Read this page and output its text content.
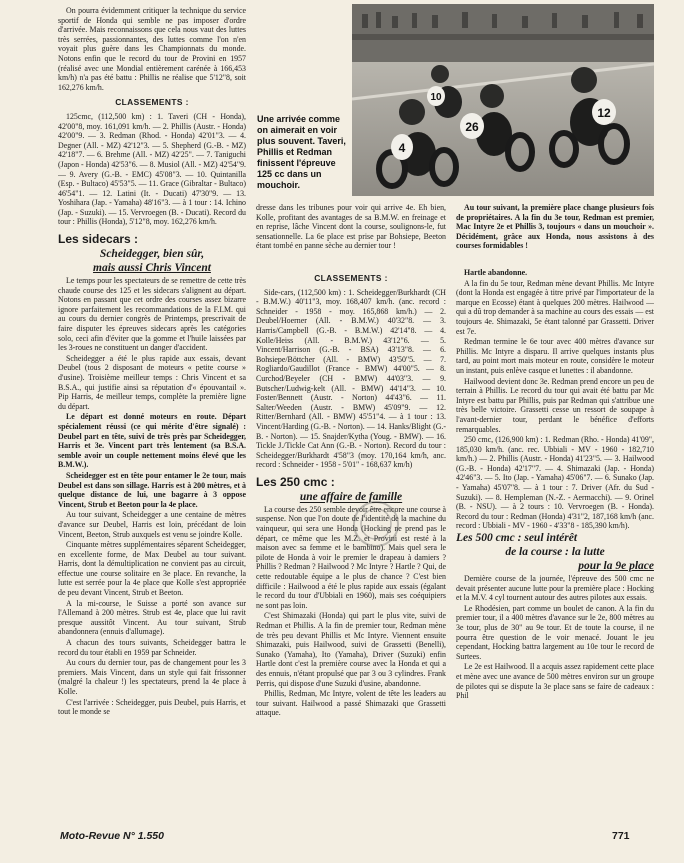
On pourra évidemment critiquer la technique du service sportif de Honda qui semble ne pas imposer d'ordre d'arrivée. Mais reconnaissons que cela nous vaut des luttes très serrées, passionnantes, des luttes comme l'on n'en voyait plus guère dans les Championnats du monde. Notons enfin que le record du tour de Provini en 1957 (réalisé avec une Mondial entièrement carénée à 166,453 km/h) n'a pas été battu : Phillis ne réalise que 5'12"8, soit 162,276 km/h.

CLASSEMENTS :

125cmc, (112,500 km) : 1. Taveri (CH - Honda), 42'00"8, moy. 161,091 km/h. — 2. Phillis (Austr. - Honda) 42'00"9. — 3. Redman (Rhod. - Honda) 42'01"3. — 4. Degner (All. - MZ) 42'12"3. — 5. Shepherd (G.-B. - MZ) 42'18"7. — 6. Brehme (All. - MZ) 42'25". — 7. Taniguchi (Japon - Honda) 42'53"6. — 8. Musiol (All. - MZ) 42'54"9. — 9. Avery (G.-B. - EMC) 45'08"3. — 10. Quintanilla (Esp. - Bultaco) 45'53"5. — 11. Grace (Gibraltar - Bultaco) 46'54"1. — 12. Latini (It. - Ducati) 47'30"9. — 13. Yoshihara (Jap. - Yamaha) 48'16"3. — à 1 tour : 14. Ichino (Jap. - Suzuki). — 15. Vervroegen (B. - Ducati). Record du tour : Phillis (Honda), 5'12"8, moy. 162,276 km/h.

Les sidecars :
Scheidegger, bien sûr,
mais aussi Chris Vincent

Le temps pour les spectateurs de se remettre de cette très chaude course des 125 et les sidecars s'alignent au départ. Notons en passant que cet ordre des courses assez bizarre ignore parfaitement les recommandations de la F.I.M. qui au cours du dernier congrès de Printemps, prescrivait de faire disputer les épreuves sidecars après les catégories solo, ceci afin d'éviter que la gomme et l'huile laissées par les 3-roues ne constituent un danger d'accident.

Scheidegger a été le plus rapide aux essais, devant Deubel (tous 2 disposant de moteurs « petite course » d'usine). Troisième meilleur temps : Chris Vincent et sa B.S.A., qui justifie ainsi sa réputation d'« épouvantail ». Pip Harris, 4e meilleur temps, complète la première ligne du départ.

Le départ est donné moteurs en route. Départ spécialement réussi (ce qui mérite d'être signalé) : Deubel part en tête, suivi de très près par Scheidegger, Harris et 3e. Vincent part très lentement (sa B.S.A. semble avoir un couple nettement moins élevé que les B.M.W.).

Scheidegger est en tête pour entamer le 2e tour, mais Deubel est dans son sillage. Harris est à 200 mètres, et à quelque distance de lui, une bagarre à 3 oppose Vincent, Strub et Beeton pour la 4e place.

Au tour suivant, Scheidegger a une centaine de mètres d'avance sur Deubel, Harris est loin, précédant de loin Vincent, Beeton, Strub auxquels est venu se joindre Kolle.

Cinquante mètres supplémentaires séparent Scheidegger, en excellente forme, de Max Deubel au tour suivant. Harris, dont la démultiplication ne convient pas au circuit, effectue une course solitaire en 3e place. En revanche, la lutte est serrée pour la 4e place que Kolle s'est appropriée de peu devant Vincent, Strub et Beeton.

A la mi-course, le Suisse a porté son avance sur l'Allemand à 200 mètres. Strub est 4e, place que lui ravit presque aussitôt Vincent. Au tour suivant, Strub abandonnera (ennuis d'allumage).

A chacun des tours suivants, Scheidegger battra le record du tour établi en 1959 par Schneider.

Au cours du dernier tour, pas de changement pour les 3 premiers. Mais Vincent, dans un style qui fait frissonner (malgré la chaleur !) les spectateurs, prend la 4e place à Kolle.

C'est l'arrivée : Scheidegger, puis Deubel, puis Harris, et tout le monde se

4
10
26
12
Une arrivée comme on aimerait en voir plus souvent. Taveri, Phillis et Redman finissent l'épreuve 125 cc dans un mouchoir.

dresse dans les tribunes pour voir qui arrive 4e. Eh bien, Kolle, profitant des avantages de sa B.M.W. en freinage et en reprise, lâche Vincent dont la course, soulignons-le, fut sensationnelle. La 6e place est prise par Bohsiepe, Beeton étant tombé en panne sèche au dernier tour !

Au tour suivant, la première place change plusieurs fois de propriétaires. A la fin du 3e tour, Redman est premier, Mac Intyre 2e et Phillis 3, toujours « dans un mouchoir ». Décidément, grâce aux Honda, nous assistons à des courses formidables !

CLASSEMENTS :

Side-cars, (112,500 km) : 1. Scheidegger/Burkhardt (CH - B.M.W.) 40'11"3, moy. 168,407 km/h. (anc. record : Schneider - 1958 - moy. 165,868 km/h.) — 2. Deubel/Hoerner (All. - B.M.W.) 40'32"8. — 3. Harris/Campbell (G.-B. - B.M.W.) 42'14"8. — 4. Kolle/Heiss (All. - B.M.W.) 43'12"6. — 5. Vincent/Harrison (G.-B. - BSA) 43'13"8. — 6. Bohsiepe/Böttcher (All. - BMW) 43'50"5. — 7. Rogliardo/Gaudillot (France - BMW) 44'00"5. — 8. Curchod/Beyeler (CH - BMW) 44'03"3. — 9. Butscher/Ludwig-kelt (All. - BMW) 44'14"3. — 10. Foster/Bennett (Austr. - Norton) 44'43"6. — 11. Salter/Weeden (Austr. - BMW) 45'09"9. — 12. Ritter/Bernhard (All. - BMW) 45'51"4. — à 1 tour : 13. Vincent/Harding (G.-B. - Norton). — 14. Hanks/Blight (G.-B. - Norton). — 15. Snajder/Kytha (Youg. - BMW). — 16. Tickle J./Tickle Cat Ann (G.-B. - Norton). Record du tour : Scheidegger/Burkhardt 4'58"3 (moy. 170,164 km/h, anc. record : Schneider - 1958 - 5'01" - 168,637 km/h)

Les 250 cmc :
une affaire de famille

La course des 250 semble devoir être encore une course à suspense. Non que l'on doute de l'identité de la machine du vainqueur, qui sera une Honda (Hocking ne prend pas le départ, ce même que les M.Z. et Provini est resté à la maison avec sa femme et le bambino). Mais quel sera le pilote de Honda à voir le premier le drapeau à damiers ? Phillis ? Redman ? Hailwood ? Mc Intyre ? Hartle ? Qui, de cette redoutable équipe a le plus de chance ? C'est bien difficile : Hailwood a été le plus rapide aux essais (égalant le record du tour d'Ubbiali en 1960), mais ses coéquipiers ne sont pas loin.

C'est Shimazaki (Honda) qui part le plus vite, suivi de Redman et Phillis. A la fin de premier tour, Redman mène de très peu devant Phillis et Mc Intyre. Viennent ensuite Shimazaki, puis Hailwood, suivi de Grassetti (Benelli), Sunako (Yamaha), Ito (Yamaha), Driver (Suzuki) enfin Hartle dont c'est la première course avec la Honda et qui a des ennuis, n'étant propulsé que par 3 ou 3 cylindres. Frank Perris, qui dispose d'une Suzuki d'usine, abandonne.

Phillis, Redman, Mc Intyre, volent de tête les leaders au tour suivant. Hailwood a passé Shimazaki que Grassetti attaque.

Hartle abandonne.

A la fin du 5e tour, Redman mène devant Phillis. Mc Intyre (dont la Honda est engagée à titre privé par l'importateur de la marque en Ecosse) étant à quelques 200 mètres. Hailwood — qui a dû trop demander à sa machine au cours des essais — est toujours 4e. Shimazaki, 5e étant talonné par Grassetti. Driver est 7e.

Redman termine le 6e tour avec 400 mètres d'avance sur Phillis. Mc Intyre a disparu. Il arrive quelques instants plus tard, au point mort mais moteur en route, considère le moteur un instant, puis enlève casque et lunettes : il abandonne.

Hailwood devient donc 3e. Redman prend encore un peu de terrain à Phillis. Le record du tour qui avait été battu par Mc Intyre est battu par Phillis, puis par Redman qui s'attribue une très belle victoire. Grassetti cesse un ressort de soupape à l'avant-dernier tour, perdant le bénéfice d'efforts remarquables.

250 cmc, (126,900 km) : 1. Redman (Rho. - Honda) 41'09", 185,030 km/h. (anc. rec. Ubbiali - MV - 1960 - 182,710 km/h.) — 2. Phillis (Austr. - Honda) 41'23"5. — 3. Hailwood (G.-B. - Honda) 42'17"7. — 4. Shimazaki (Jap. - Honda) 42'46"3. — 5. Ito (Jap. - Yamaha) 45'06"7. — 6. Sunako (Jap. - Yamaha) 45'07"8. — à 1 tour : 7. Driver (Afr. du Sud - Suzuki). — 8. Hempleman (N.-Z. - Aermacchi). — 9. Orinel (B. - NSU). — à 2 tours : 10. Vervroegen (B. - Honda). Record du tour : Redman (Honda) 4'31"2, 187,168 km/h (anc. record : Ubbiali - MV - 1960 - 4'33"8 - 185,390 km/h).

Les 500 cmc : seul intérêt
de la course : la lutte
pour la 9e place

Dernière course de la journée, l'épreuve des 500 cmc ne devait présenter aucune lutte pour la première place : Hocking et la M.V. 4 cyl tournent autour des autres pilotes aux essais.

Le Rhodésien, part comme un boulet de canon. A la fin du premier tour, il a 400 mètres d'avance sur le 2e, 800 mètres au 3e tour, plus de 30" au 9e tour. Et de toute la course, il ne pourra être question de le voir menacé. Jouant le jeu cependant, Hocking battra largement au 10e tour le record de Surtees.

Le 2e est Hailwood. Il a acquis assez rapidement cette place et mène avec une avance de 500 mètres environ sur un groupe de pilotes qui se dispute la 3e place sans se faire de cadeaux : Phil

Moto-Revue N° 1.550	771
